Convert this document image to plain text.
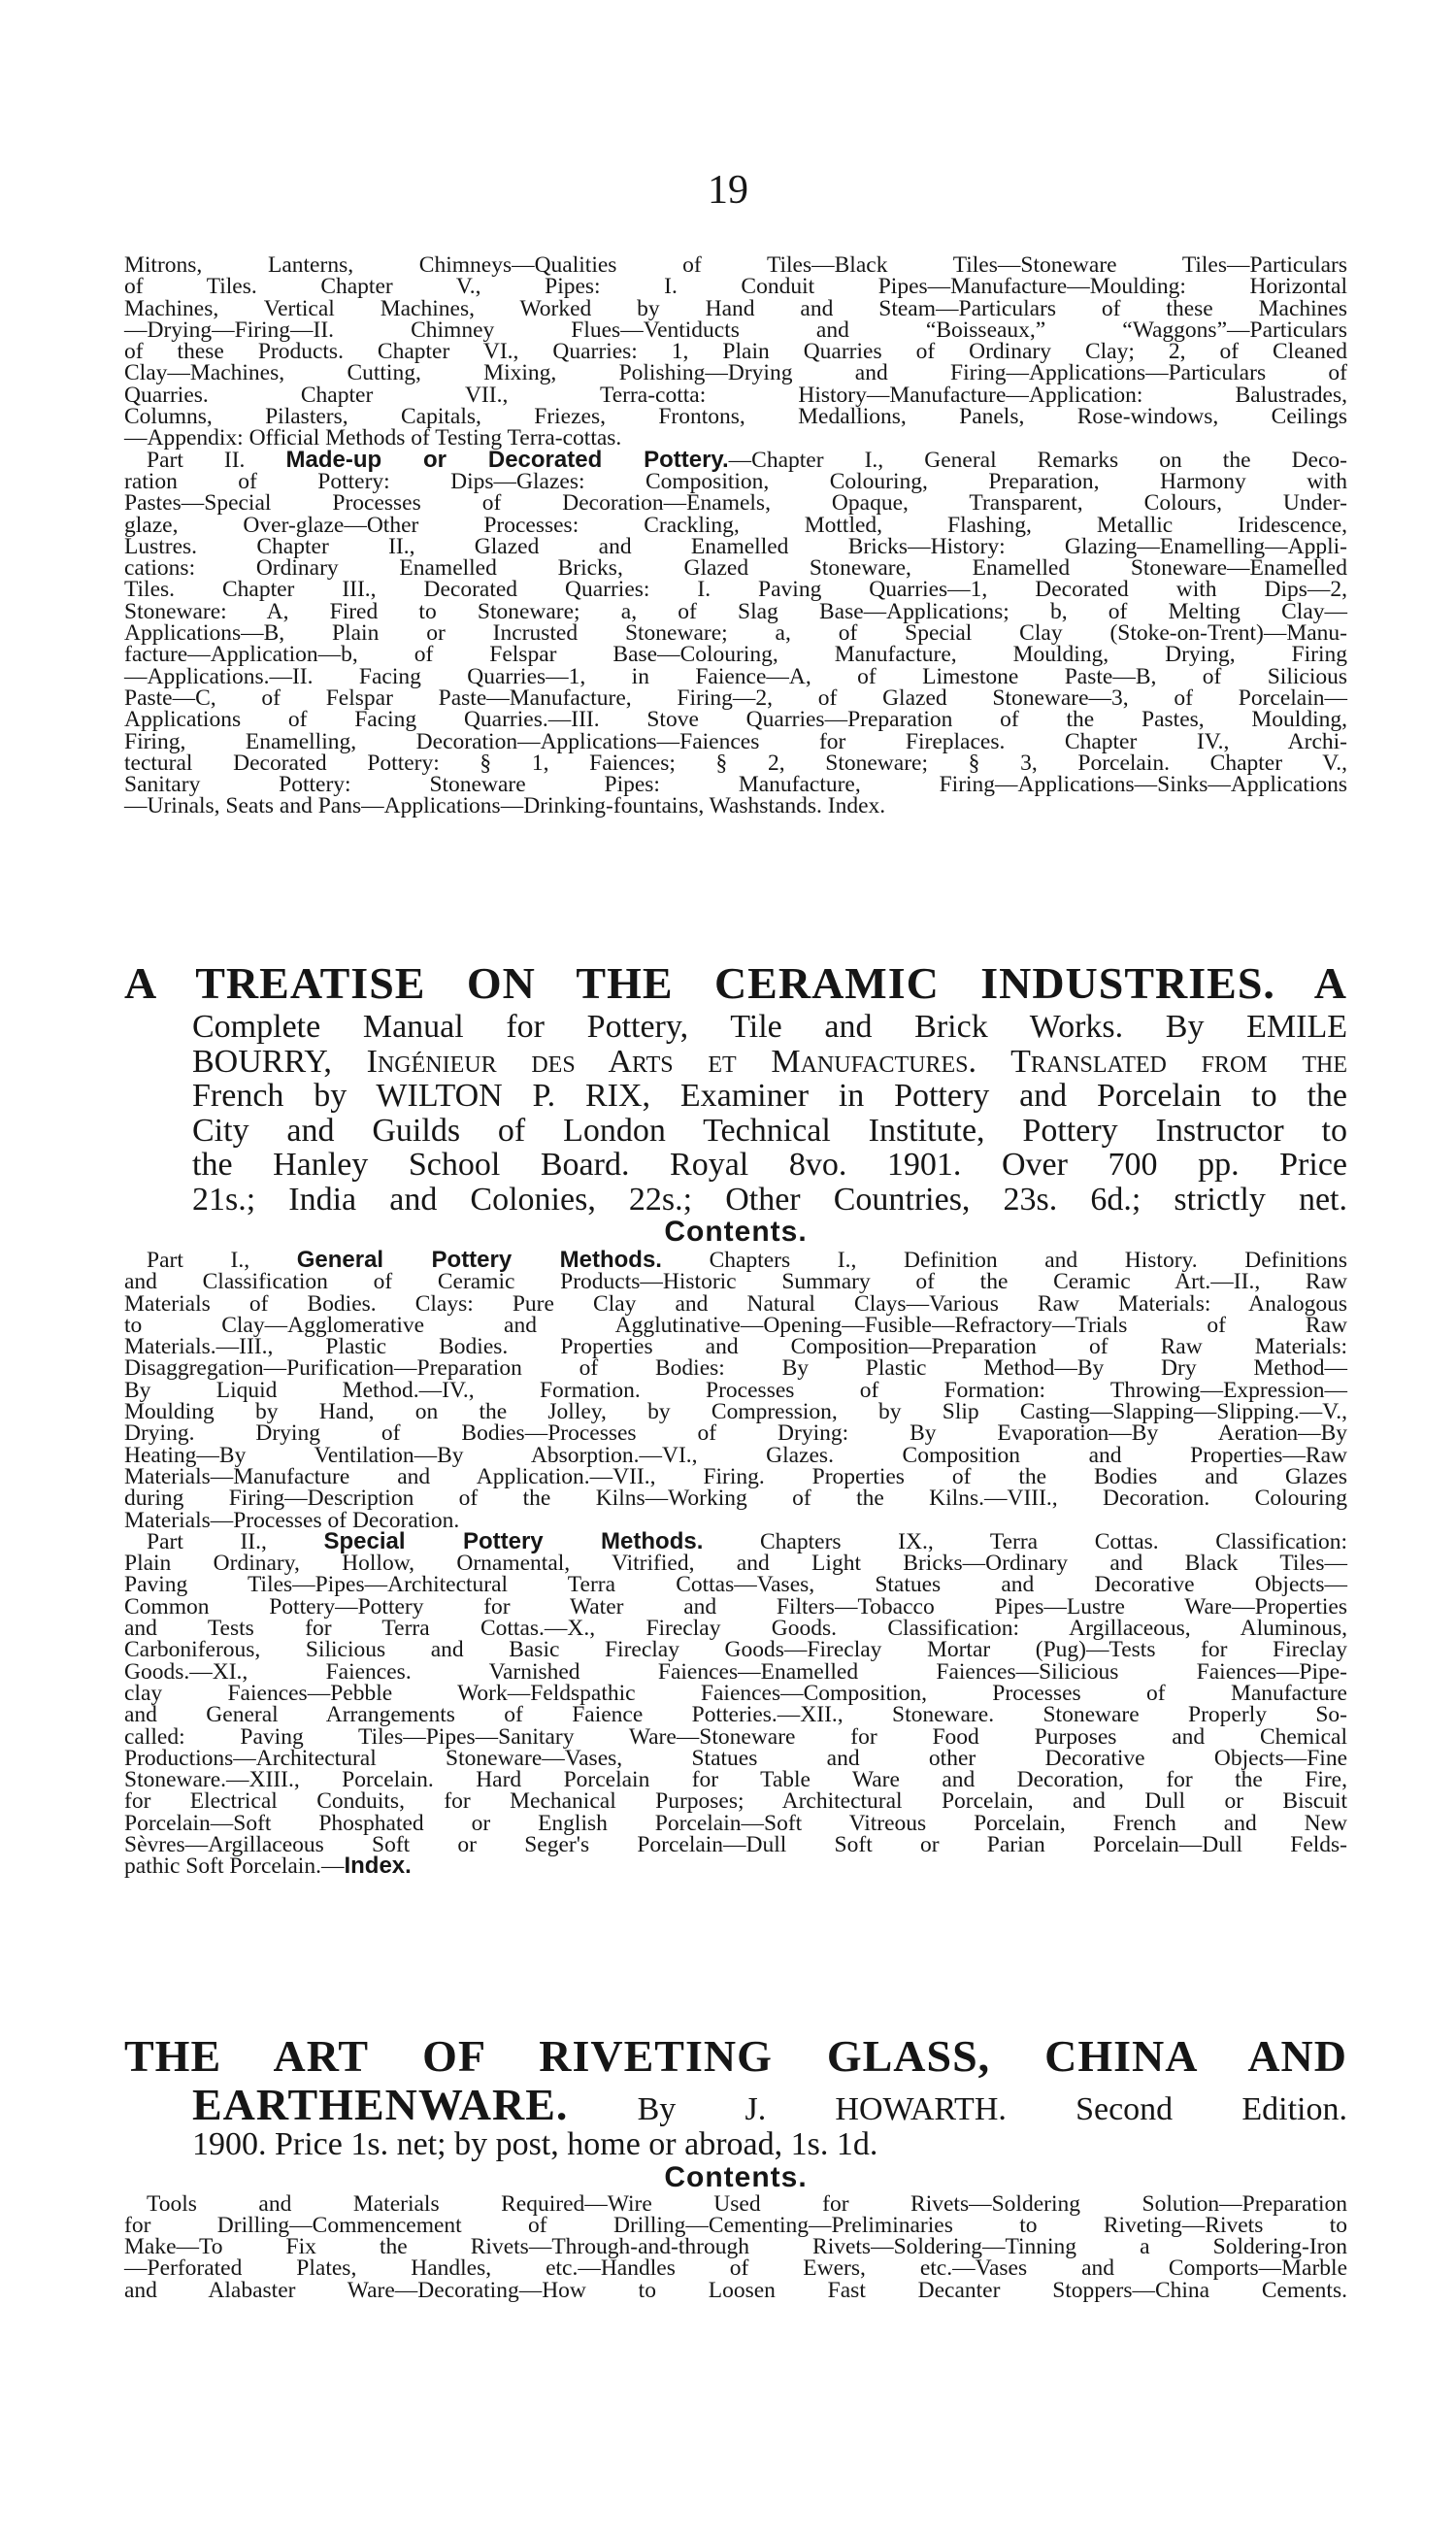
19

Mitrons, Lanterns, Chimneys—Qualities of Tiles—Black Tiles—Stoneware Tiles—Particulars

of Tiles. Chapter V., Pipes: I. Conduit Pipes—Manufacture—Moulding: Horizontal

Machines, Vertical Machines, Worked by Hand and Steam—Particulars of these Machines

—Drying—Firing—II. Chimney Flues—Ventiducts and “Boisseaux,” “Waggons”—Particulars

of these Products. Chapter VI., Quarries: 1, Plain Quarries of Ordinary Clay; 2, of Cleaned

Clay—Machines, Cutting, Mixing, Polishing—Drying and Firing—Applications—Particulars of

Quarries. Chapter VII., Terra-cotta: History—Manufacture—Application: Balustrades,

Columns, Pilasters, Capitals, Friezes, Frontons, Medallions, Panels, Rose-windows, Ceilings

—Appendix: Official Methods of Testing Terra-cottas.

Part II. Made-up or Decorated Pottery.—Chapter I., General Remarks on the Deco-

ration of Pottery: Dips—Glazes: Composition, Colouring, Preparation, Harmony with

Pastes—Special Processes of Decoration—Enamels, Opaque, Transparent, Colours, Under-

glaze, Over-glaze—Other Processes: Crackling, Mottled, Flashing, Metallic Iridescence,

Lustres. Chapter II., Glazed and Enamelled Bricks—History: Glazing—Enamelling—Appli-

cations: Ordinary Enamelled Bricks, Glazed Stoneware, Enamelled Stoneware—Enamelled

Tiles. Chapter III., Decorated Quarries: I. Paving Quarries—1, Decorated with Dips—2,

Stoneware: A, Fired to Stoneware; a, of Slag Base—Applications; b, of Melting Clay—

Applications—B, Plain or Incrusted Stoneware; a, of Special Clay (Stoke-on-Trent)—Manu-

facture—Application—b, of Felspar Base—Colouring, Manufacture, Moulding, Drying, Firing

—Applications.—II. Facing Quarries—1, in Faience—A, of Limestone Paste—B, of Silicious

Paste—C, of Felspar Paste—Manufacture, Firing—2, of Glazed Stoneware—3, of Porcelain—

Applications of Facing Quarries.—III. Stove Quarries—Preparation of the Pastes, Moulding,

Firing, Enamelling, Decoration—Applications—Faiences for Fireplaces. Chapter IV., Archi-

tectural Decorated Pottery: § 1, Faiences; § 2, Stoneware; § 3, Porcelain. Chapter V.,

Sanitary Pottery: Stoneware Pipes: Manufacture, Firing—Applications—Sinks—Applications

—Urinals, Seats and Pans—Applications—Drinking-fountains, Washstands. Index.

A TREATISE ON THE CERAMIC INDUSTRIES. A

Complete Manual for Pottery, Tile and Brick Works. By EMILE

BOURRY, Ingénieur des Arts et Manufactures. Translated from the

French by WILTON P. RIX, Examiner in Pottery and Porcelain to the

City and Guilds of London Technical Institute, Pottery Instructor to

the Hanley School Board. Royal 8vo. 1901. Over 700 pp. Price

21s.; India and Colonies, 22s.; Other Countries, 23s. 6d.; strictly net.

Contents.

Part I., General Pottery Methods. Chapters I., Definition and History. Definitions

and Classification of Ceramic Products—Historic Summary of the Ceramic Art.—II., Raw

Materials of Bodies. Clays: Pure Clay and Natural Clays—Various Raw Materials: Analogous

to Clay—Agglomerative and Agglutinative—Opening—Fusible—Refractory—Trials of Raw

Materials.—III., Plastic Bodies. Properties and Composition—Preparation of Raw Materials:

Disaggregation—Purification—Preparation of Bodies: By Plastic Method—By Dry Method—

By Liquid Method.—IV., Formation. Processes of Formation: Throwing—Expression—

Moulding by Hand, on the Jolley, by Compression, by Slip Casting—Slapping—Slipping.—V.,

Drying. Drying of Bodies—Processes of Drying: By Evaporation—By Aeration—By

Heating—By Ventilation—By Absorption.—VI., Glazes. Composition and Properties—Raw

Materials—Manufacture and Application.—VII., Firing. Properties of the Bodies and Glazes

during Firing—Description of the Kilns—Working of the Kilns.—VIII., Decoration. Colouring

Materials—Processes of Decoration.

Part II., Special Pottery Methods. Chapters IX., Terra Cottas. Classification:

Plain Ordinary, Hollow, Ornamental, Vitrified, and Light Bricks—Ordinary and Black Tiles—

Paving Tiles—Pipes—Architectural Terra Cottas—Vases, Statues and Decorative Objects—

Common Pottery—Pottery for Water and Filters—Tobacco Pipes—Lustre Ware—Properties

and Tests for Terra Cottas.—X., Fireclay Goods. Classification: Argillaceous, Aluminous,

Carboniferous, Silicious and Basic Fireclay Goods—Fireclay Mortar (Pug)—Tests for Fireclay

Goods.—XI., Faiences. Varnished Faiences—Enamelled Faiences—Silicious Faiences—Pipe-

clay Faiences—Pebble Work—Feldspathic Faiences—Composition, Processes of Manufacture

and General Arrangements of Faience Potteries.—XII., Stoneware. Stoneware Properly So-

called: Paving Tiles—Pipes—Sanitary Ware—Stoneware for Food Purposes and Chemical

Productions—Architectural Stoneware—Vases, Statues and other Decorative Objects—Fine

Stoneware.—XIII., Porcelain. Hard Porcelain for Table Ware and Decoration, for the Fire,

for Electrical Conduits, for Mechanical Purposes; Architectural Porcelain, and Dull or Biscuit

Porcelain—Soft Phosphated or English Porcelain—Soft Vitreous Porcelain, French and New

Sèvres—Argillaceous Soft or Seger's Porcelain—Dull Soft or Parian Porcelain—Dull Felds-

pathic Soft Porcelain.—Index.

THE ART OF RIVETING GLASS, CHINA AND

EARTHENWARE. By J. HOWARTH. Second Edition.

1900. Price 1s. net; by post, home or abroad, 1s. 1d.

Contents.

Tools and Materials Required—Wire Used for Rivets—Soldering Solution—Preparation

for Drilling—Commencement of Drilling—Cementing—Preliminaries to Riveting—Rivets to

Make—To Fix the Rivets—Through-and-through Rivets—Soldering—Tinning a Soldering-Iron

—Perforated Plates, Handles, etc.—Handles of Ewers, etc.—Vases and Comports—Marble

and Alabaster Ware—Decorating—How to Loosen Fast Decanter Stoppers—China Cements.
